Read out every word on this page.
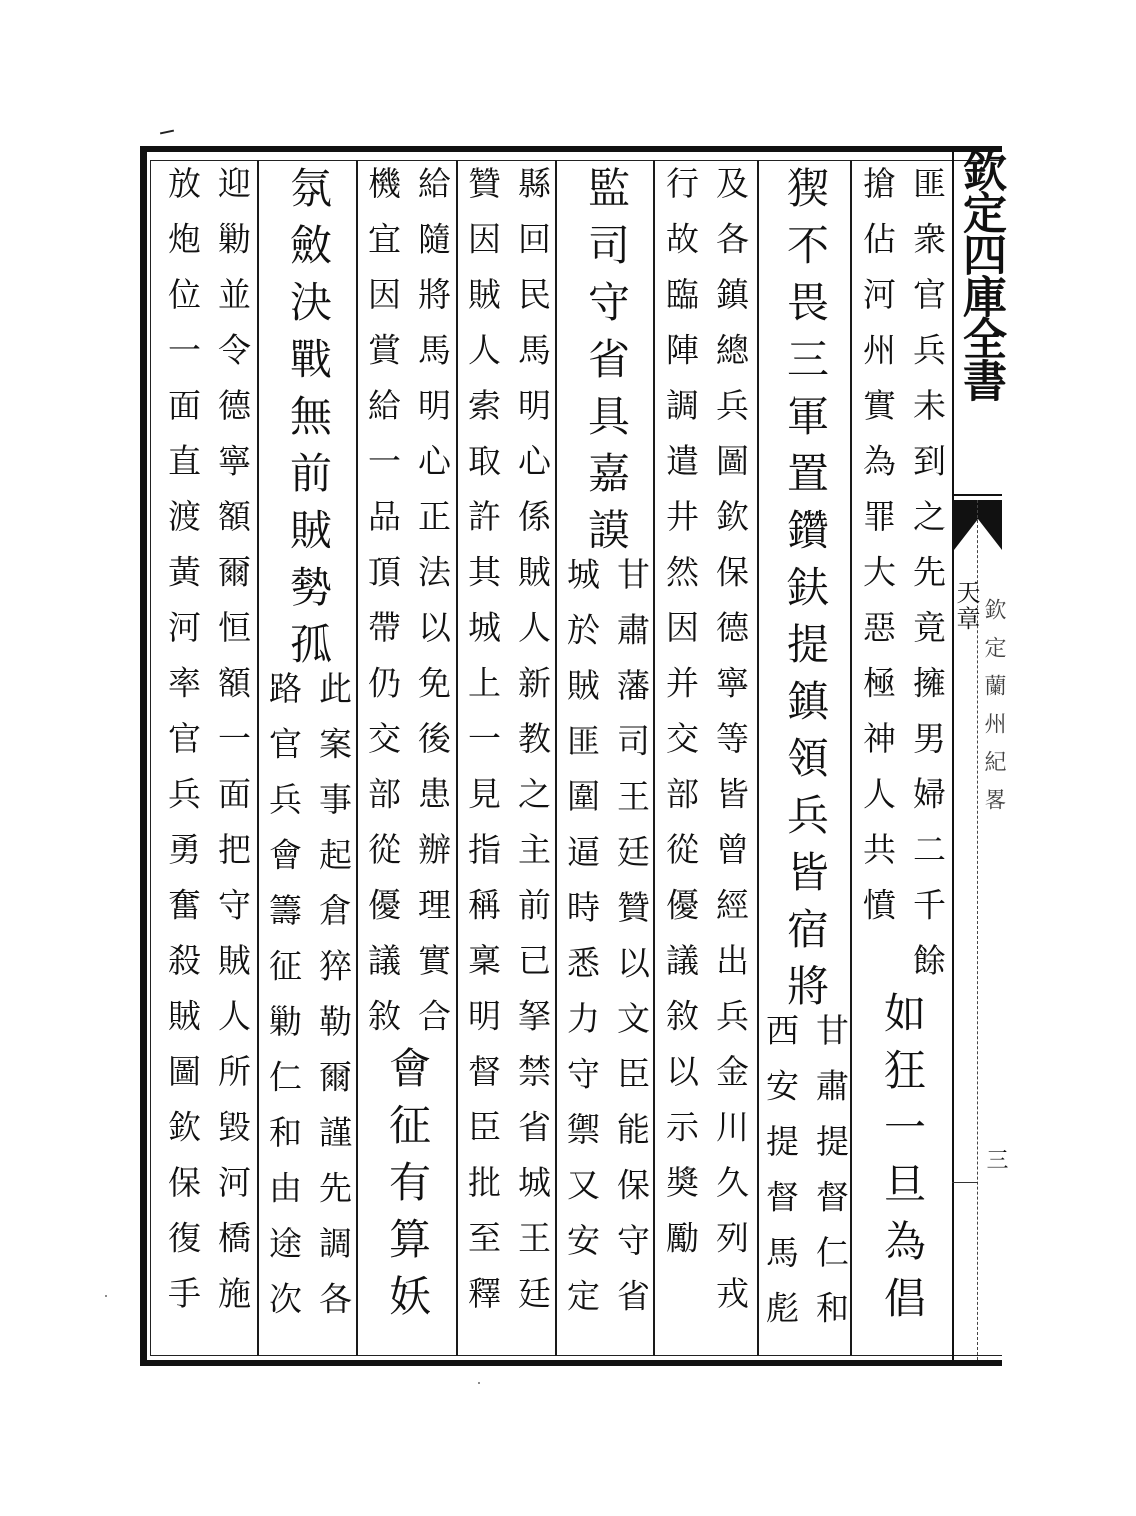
欽定四庫全書
天章 欽定蘭州紀畧
三
匪衆官兵未到之先竟擁男婦二千餘
搶佔河州實為罪大惡極神人共憤
如狂一旦為倡
猰不畏三軍置鑽鈇提鎮領兵皆宿將
甘肅提督仁和
西安提督馬彪
及各鎮總兵圖欽保德寧等皆曾經出兵金川久列戎
行故臨陣調遣井然因并交部從優議敘以示奬勵
監司守省具嘉謨
甘肅藩司王廷贊以文臣能保守省
城於賊匪圍逼時悉力守禦又安定
縣回民馬明心係賊人新教之主前已拏禁省城王廷
贊因賊人索取許其城上一見指稱稟明督臣批至釋
給隨將馬明心正法以免後患辦理實合
機宜因賞給一品頂帶仍交部從優議敘
會征有算妖
氛斂決戰無前賊勢孤
此案事起倉猝勒爾謹先調各
路官兵會籌征勦仁和由途次
迎勦並令德寧額爾恒額一面把守賊人所毀河橋施
放炮位一面直渡黃河率官兵勇奮殺賊圖欽保復手
